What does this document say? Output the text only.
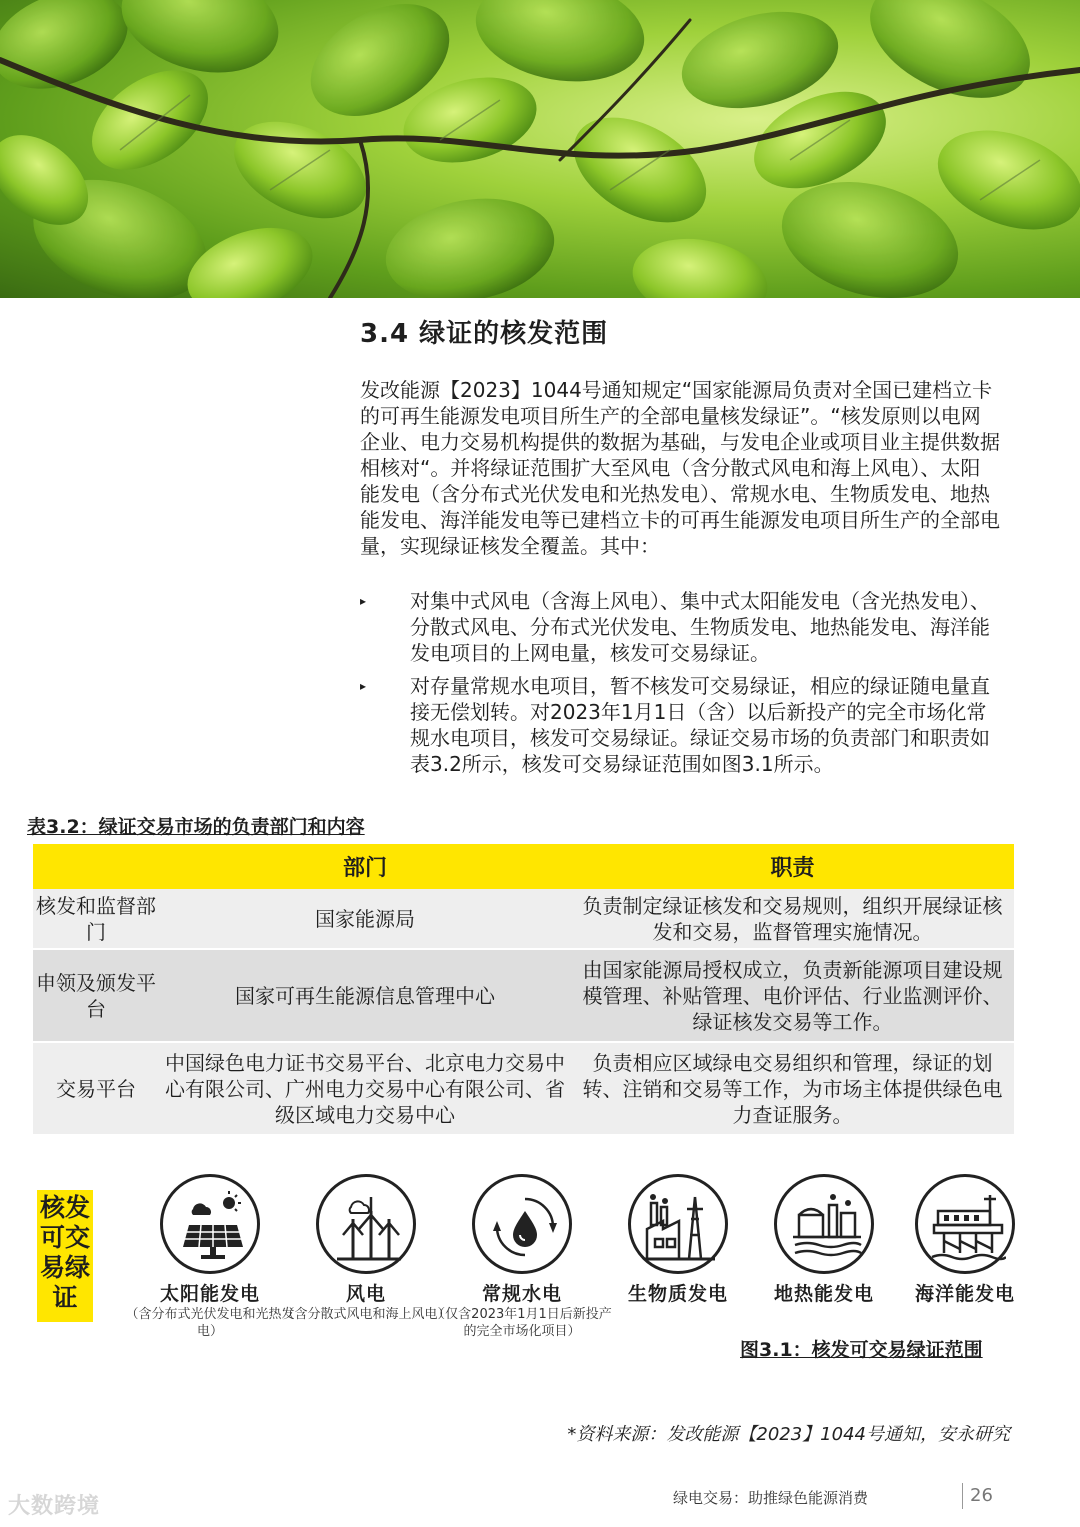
3.4 绿证的核发范围

发改能源【2023】1044号通知规定“国家能源局负责对全国已建档立卡的可再生能源发电项目所生产的全部电量核发绿证”。“核发原则以电网企业、电力交易机构提供的数据为基础，与发电企业或项目业主提供数据相核对“。并将绿证范围扩大至风电（含分散式风电和海上风电）、太阳能发电（含分布式光伏发电和光热发电）、常规水电、生物质发电、地热能发电、海洋能发电等已建档立卡的可再生能源发电项目所生产的全部电量，实现绿证核发全覆盖。其中：

▸ 对集中式风电（含海上风电）、集中式太阳能发电（含光热发电）、分散式风电、分布式光伏发电、生物质发电、地热能发电、海洋能发电项目的上网电量，核发可交易绿证。
▸ 对存量常规水电项目，暂不核发可交易绿证，相应的绿证随电量直接无偿划转。对2023年1月1日（含）以后新投产的完全市场化常规水电项目，核发可交易绿证。绿证交易市场的负责部门和职责如表3.2所示，核发可交易绿证范围如图3.1所示。
表3.2：绿证交易市场的负责部门和内容
	部门	职责
核发和监督部门	国家能源局	负责制定绿证核发和交易规则，组织开展绿证核发和交易，监督管理实施情况。
申领及颁发平台	国家可再生能源信息管理中心	由国家能源局授权成立，负责新能源项目建设规模管理、补贴管理、电价评估、行业监测评价、绿证核发交易等工作。
交易平台	中国绿色电力证书交易平台、北京电力交易中心有限公司、广州电力交易中心有限公司、省级区域电力交易中心	负责相应区域绿电交易组织和管理，绿证的划转、注销和交易等工作，为市场主体提供绿色电力查证服务。
核发可交易绿证	太阳能发电
（含分布式光伏发电和光热发电）
风电
（含分散式风电和海上风电）
常规水电
（仅含2023年1月1日后新投产的完全市场化项目）
生物质发电	地热能发电	海洋能发电
图3.1：核发可交易绿证范围
*资料来源：发改能源【2023】1044号通知，安永研究
大数跨境	绿电交易：助推绿色能源消费	26
